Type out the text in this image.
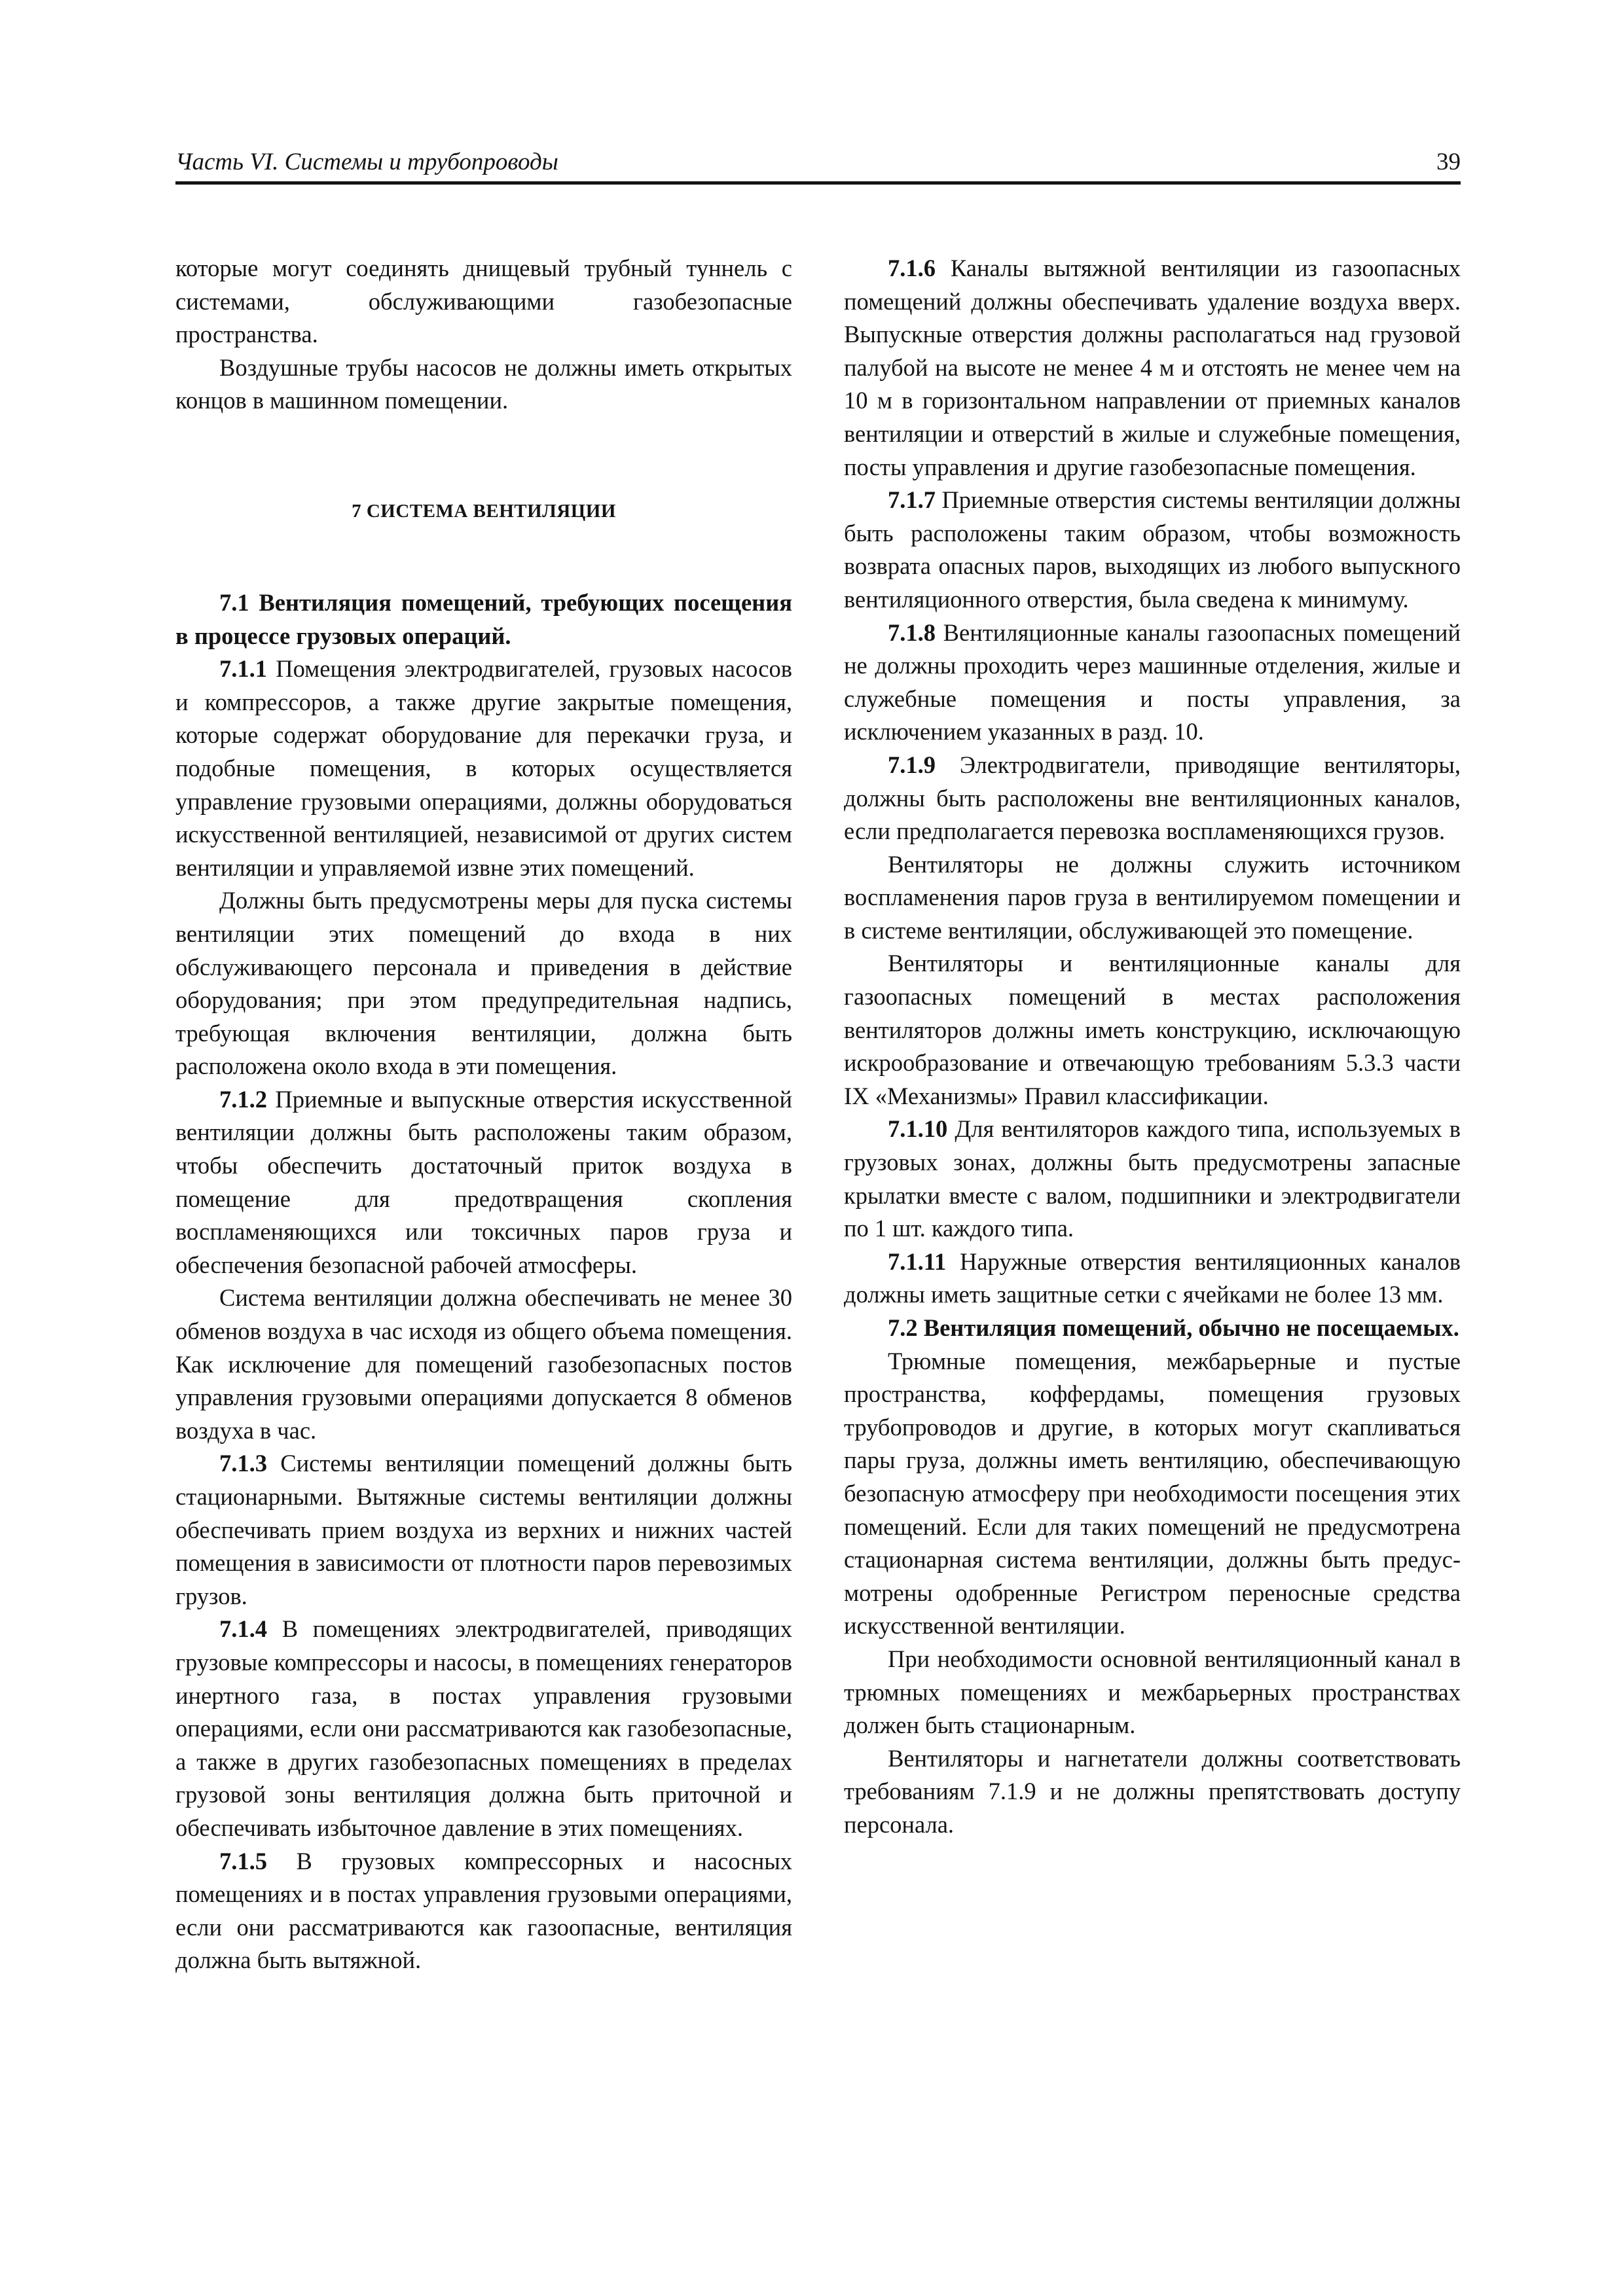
Часть VI. Системы и трубопроводы	39

которые могут соединять днищевый трубный туннель с системами, обслуживающими газобезопасные пространства.

Воздушные трубы насосов не должны иметь открытых концов в машинном помещении.

7 СИСТЕМА ВЕНТИЛЯЦИИ

7.1 Вентиляция помещений, требующих посещения в процессе грузовых операций.

7.1.1 Помещения электродвигателей, грузовых насосов и компрессоров, а также другие закрытые помещения, которые содержат оборудование для перекачки груза, и подобные помещения, в которых осуществляется управление грузовыми операциями, должны оборудоваться искусственной вентиляцией, независимой от других систем вентиляции и управляемой извне этих помещений.

Должны быть предусмотрены меры для пуска системы вентиляции этих помещений до входа в них обслуживающего персонала и приведения в действие оборудования; при этом предупредительная надпись, требующая включения вентиляции, должна быть расположена около входа в эти помещения.

7.1.2 Приемные и выпускные отверстия искусственной вентиляции должны быть расположены таким образом, чтобы обеспечить достаточный приток воздуха в помещение для предотвращения скопления воспламеняющихся или токсичных паров груза и обеспечения безопасной рабочей атмосферы.

Система вентиляции должна обеспечивать не менее 30 обменов воздуха в час исходя из общего объема помещения. Как исключение для помещений газобезопасных постов управления грузовыми операциями допускается 8 обменов воздуха в час.

7.1.3 Системы вентиляции помещений должны быть стационарными. Вытяжные системы вентиляции должны обеспечивать прием воздуха из верхних и нижних частей помещения в зависимости от плотности паров перевозимых грузов.

7.1.4 В помещениях электродвигателей, приводящих грузовые компрессоры и насосы, в помещениях генераторов инертного газа, в постах управления грузовыми операциями, если они рассматриваются как газобезопасные, а также в других газобезопасных помещениях в пределах грузовой зоны вентиляция должна быть приточной и обеспечивать избыточное давление в этих помещениях.

7.1.5 В грузовых компрессорных и насосных помещениях и в постах управления грузовыми операциями, если они рассматриваются как газоопасные, вентиляция должна быть вытяжной.

7.1.6 Каналы вытяжной вентиляции из газоопасных помещений должны обеспечивать удаление воздуха вверх. Выпускные отверстия должны располагаться над грузовой палубой на высоте не менее 4 м и отстоять не менее чем на 10 м в горизонтальном направлении от приемных каналов вентиляции и отверстий в жилые и служебные помещения, посты управления и другие газобезопасные помещения.

7.1.7 Приемные отверстия системы вентиляции должны быть расположены таким образом, чтобы возможность возврата опасных паров, выходящих из любого выпускного вентиляционного отверстия, была сведена к минимуму.

7.1.8 Вентиляционные каналы газоопасных помещений не должны проходить через машинные отделения, жилые и служебные помещения и посты управления, за исключением указанных в разд. 10.

7.1.9 Электродвигатели, приводящие вентиляторы, должны быть расположены вне вентиляционных каналов, если предполагается перевозка воспламеняющихся грузов.

Вентиляторы не должны служить источником воспламенения паров груза в вентилируемом помещении и в системе вентиляции, обслуживающей это помещение.

Вентиляторы и вентиляционные каналы для газоопасных помещений в местах расположения вентиляторов должны иметь конструкцию, исключающую искрообразование и отвечающую требованиям 5.3.3 части IX «Механизмы» Правил классификации.

7.1.10 Для вентиляторов каждого типа, используемых в грузовых зонах, должны быть предусмотрены запасные крылатки вместе с валом, подшипники и электродвигатели по 1 шт. каждого типа.

7.1.11 Наружные отверстия вентиляционных каналов должны иметь защитные сетки с ячейками не более 13 мм.

7.2 Вентиляция помещений, обычно не посещаемых.

Трюмные помещения, межбарьерные и пустые пространства, коффердамы, помещения грузовых трубопроводов и другие, в которых могут скапливаться пары груза, должны иметь вентиляцию, обеспечивающую безопасную атмосферу при необходимости посещения этих помещений. Если для таких помещений не предусмотрена стационарная система вентиляции, должны быть предусмотрены одобренные Регистром переносные средства искусственной вентиляции.

При необходимости основной вентиляционный канал в трюмных помещениях и межбарьерных пространствах должен быть стационарным.

Вентиляторы и нагнетатели должны соответствовать требованиям 7.1.9 и не должны препятствовать доступу персонала.
